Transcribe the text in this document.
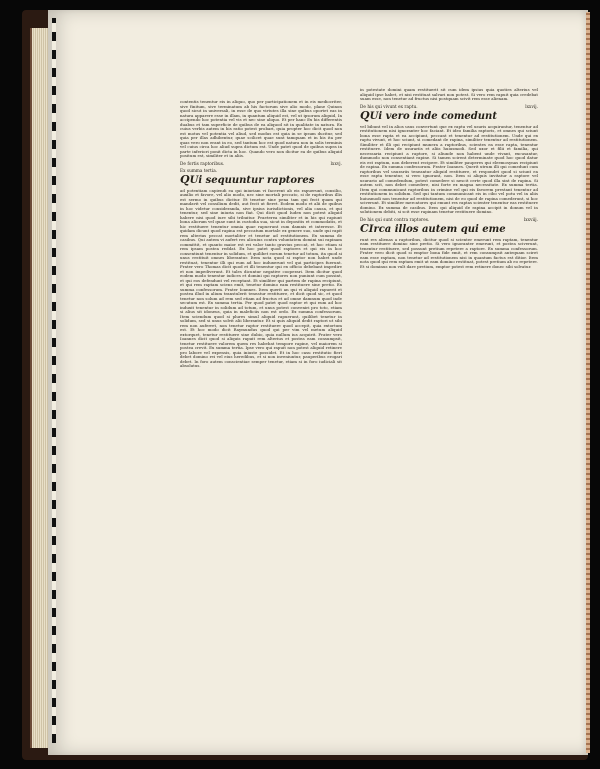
contentis tenentur eis in aliquo, quo per participationem et in eis mediocriter, sive finitum, sive terminatum ab his factorum sive alio modo, plane Quinon quod sicut in universali, in esse de quo virtutes illa sine quibus oportet eas in natura apparere esse in illam, in quantum aliquid est, vel ut ipsorum aliquid, In accipendo hoc potentia vel vis et nec sine aliquo. Et per hanc Ex his differentis duabus et tam superficie de quibus de ea aliquod sit in qualitate in natura. Ex cuius verbis autem in his ratio potest probari, quia propter hoc dicit quod non est motus vel potentia vel aliud, sed modus est quia in se ipsum ducitur, sed quia per illas adhibentur, quae scilicet quae sunt tamquam et in his ita per quas vero non erant in eo, sed tantum hoc est quod natura non in solis terminis vel cuius circa hoc aliud supra dictum est. Unde patet quod de quibus supra in parte inferiori ponit dicta in hoc. Quando vero non dicitur ea de quibus aliquid positum est, similiter et in aliis.

De fortis raptoribus.	lxxvj.
Ex summa tertia.
QUi sequuntur raptores

ad potentiam capiendi ea qui iniuriam vi facerent ab eis rapuerunt, consilio, auxilio et favore, vel alio modo, nec sine mortali peccato, si de raptoribus illis est sermo in quibus dicitur. Et tenetur sine pena tam qui fecit quam qui mandavit vel consilium dedit, aut fecit ut fieret. Eodem modo et alii de quibus in hoc videtur consideranda, sive ipsius iurisdictionis, vel alia causa, et qui tenentur, sed sine iniuria non fiat. Qui dicit quod Iudex non potest aliquid habere nisi quod iure sibi tribuitur. Praeterea similiter et in his qui rapiunt bona aliorum vel quae sunt in custodia sua, sicut in depositis et commodatis, et hic restituere tenentur omnia quae rapuerunt cum damnis et interesse. Et quidam dicunt quod rapina est peccatum mortale ex genere suo, unde qui rapit rem alterius peccat mortaliter et tenetur ad restitutionem. Ex summa de casibus. Qui autem vi aufert res alicuius contra voluntatem domini sui rapinam committit, et quanto maior est rei valor tanto gravius peccat, et hoc etiam si rem ipsam postea reddat. Ex hoc patet quod raptores et qui eis in hoc consentiunt tenentur in solidum, et quilibet eorum tenetur ad totum, ita quod si unus restituit omnes liberantur. Item nota quod si raptor non habet unde restituat, tenentur illi qui eum ad hoc induxerunt vel qui participes fuerunt. Frater vero Thomas dicit quod et illi tenentur qui ex officio debebant impedire et non impediverunt. Et tales dicuntur negative cooperari. Item dicitur quod eodem modo tenentur iudices et domini qui raptores non puniunt cum possint, et qui eos defendunt vel receptant. Et similiter qui partem de rapina recipiunt, et qui rem raptam sciens emit, tenetur domino eam restituere sine pretio. Ex summa confessorum. Frater Ioannes. Item querit an qui vi aliquid rapuerit et postea illud in alium transtulerit teneatur restituere, et dicit quod sic, et quod tenetur non solum ad rem sed etiam ad fructus et ad omne damnum quod inde secutum est. Ex summa tertia. Per quod patet quod raptor et qui eum ad hoc induxit tenentur in solidum ad totum, et unus potest conveniri pro toto, etiam si alius sit idoneus, quia in maleficiis non est ordo. Ex summa confessorum. Item sciendum quod si plures simul aliquid rapuerunt, quilibet tenetur in solidum, sed si unus solvit alii liberantur. Et si quis aliquid dedit raptori ut sibi rem non auferret, non tenetur raptor restituere quod accepit, quia extortum est. Et hoc modo dicit Raymundus quod qui per vim vel metum aliquid extorquet, tenetur restituere sine dubio, quia nullum ius acquirit. Frater vero Ioannes dicit quod si aliquis rapuit rem alterius et postea eam consumpsit, tenetur restituere valorem quem res habebat tempore rapine, vel maiorem si postea crevit. Ex summa tertia. Ipse vero qui rapuit non potest aliquid retinere pro labore vel expensis, quia iniuste possidet. Et in hoc casu restitutio fieri debet domino rei vel eius heredibus, et si non inveniuntur, pauperibus erogari debet. In foro autem conscientiae semper tenetur, etiam si in foro iudiciali sit absolutus.

in potestate domini quam restituerit sit cum idem ipsius quia quoties alterius vel aliquid ipse habet, et nisi restituat salvari non potest. Si vero rem rapuit quia credebat suam esse, non tenetur ad fructus nisi postquam scivit rem esse alienam.

De his qui vivunt ex raptu.	lxxvij.
QUi vero inde comedunt

vel bibunt vel in alios usus convertunt que ex raptu vel usuris acquiruntur, tenentur ad restitutionem nisi ignoranter hoc faciant. Et ideo familia raptoris, et omnes qui sciunt bona esse rapta et ea accipiunt, peccant et tenentur ad restitutionem. Unde qui ex raptu vivunt, et hoc sciunt, si comedant de rapina, similiter tenentur ad restitutionem. Similiter et illi qui recipiunt munera a raptoribus, scientes ea esse rapta, tenentur restituere. Idem de usurariis et aliis huiusmodi. Sed uxor et filii et familia, qui necessaria recipiunt a raptore, si aliunde non habent unde vivant, excusantur, dummodo non consentiant rapine. Si tamen scirent determinate quod hoc quod datur eis est raptum, non deberent recipere. Et similiter pauperes qui eleemosynas recipiunt de rapina. Ex summa confessorum. Frater Ioannes. Querit utrum illi qui comedunt cum raptoribus vel usurariis teneantur aliquid restituere, et respondet quod si sciunt ea esse rapta tenentur, si vero ignorant, non. Item si aliquis invitatur a raptore vel usurario ad comedendum, potest comedere si nescit certe quod illa sint de rapina. Si autem scit, non debet comedere, nisi forte ex magna necessitate. Ex summa tertia. Item qui communicant raptoribus in crimine vel qui eis favorem prestant tenentur ad restitutionem in solidum. Sed qui tantum communicant eis in cibo vel potu vel in aliis huiusmodi non tenentur ad restitutionem, nisi de eo quod de rapina comederunt, si hoc sciverunt. Et similiter mercatores qui emunt res raptas scienter tenentur eas restituere domino. Ex summa de casibus. Item qui aliquid de rapina accipit in donum vel in solutionem debiti, si scit esse rapinam tenetur restituere domino.

De his qui sunt contra raptores.	lxxviij.
CIrca illos autem qui eme

runt res alienas a raptoribus, dicitur quod si scienter emerunt rem raptam, tenentur eam restituere domino sine pretio. Si vero ignoranter emerunt, et postea sciverunt, tenentur restituere, sed possunt pretium repetere a raptore. Ex summa confessorum. Frater vero dicit quod si emptor bona fide emit, et rem consumpsit antequam sciret eam esse raptam, non tenetur ad restitutionem nisi in quantum factus est ditior. Item nota quod qui rem raptam emit ut eam domino restituat, potest pretium ab eo repetere. Et si dominus non vult dare pretium, emptor potest rem retinere donec sibi solvatur.
